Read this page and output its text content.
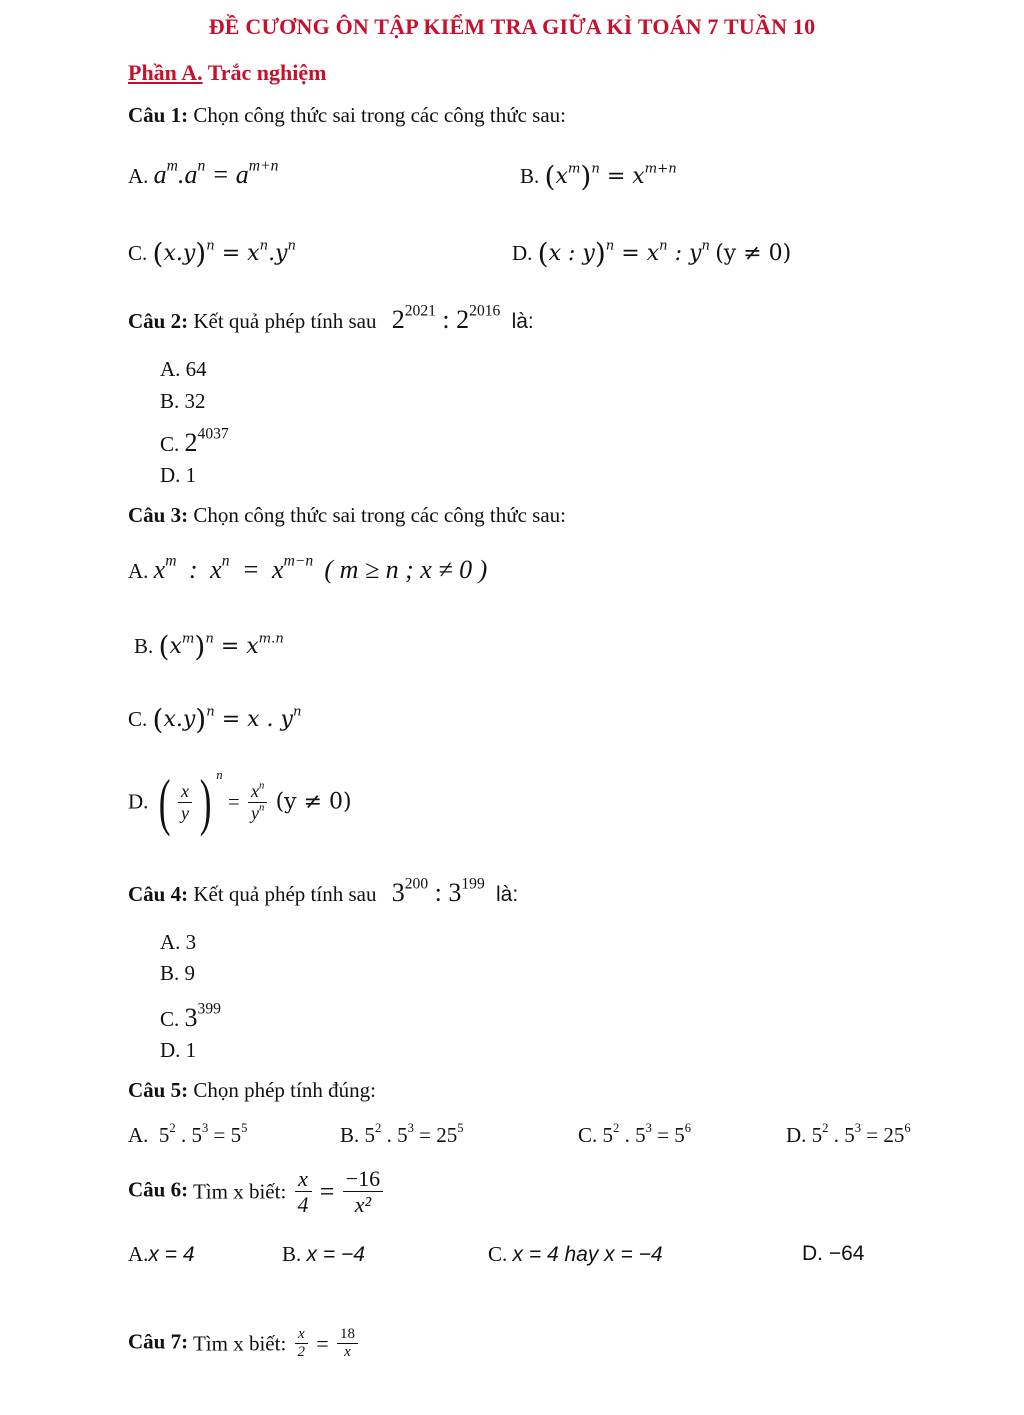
ĐỀ CƯƠNG ÔN TẬP KIỂM TRA GIỮA KÌ TOÁN 7 TUẦN 10
Phần A. Trắc nghiệm
Câu 1: Chọn công thức sai trong các công thức sau:
A. $a^m.a^n = a^{m+n}$	B. $(x^m)^n = x^{m+n}$
C. $(x.y)^n = x^n.y^n$	D. (x : $y)^n = x^n$ : $y^n$ (y ≠ 0)
Câu 2: Kết quả phép tính sau $2^{2021}$ : $2^{2016}$ là:
A. 64
B. 32
C. $2^{4037}$
D. 1
Câu 3: Chọn công thức sai trong các công thức sau:
A. $x^m$ : $x^n = x^{m-n}$ ( m ≥ n ; x ≠ 0 )
B. $(x^m)^n = x^{m.n}$
C. $(x.y)^n = x$ . $y^n$
D. ( $\frac{x}{y}$ ) $^n = \frac{x^n}{y^n} (y \ne 0)$
Câu 4: Kết quả phép tính sau $3^{200}$ : $3^{199}$ là:
A. 3
B. 9
C. $3^{399}$
D. 1
Câu 5: Chọn phép tính đúng:
A.  $5^2$ . $5^3 = 5^5$	B. $5^2$ . $5^3 = 25^5$	C. $5^2$ . $5^3 = 5^6$	D. $5^2$ . $5^3 = 25^6$
Câu 6: Tìm x biết: $\frac{x}{4} = \frac{-16}{\text{x²}}$
A.x = 4	B. x = −4	C. x = 4 hay x = −4	D. −64
Câu 7: Tìm x biết: $\frac{x}{2} = \frac{18}{x}$
